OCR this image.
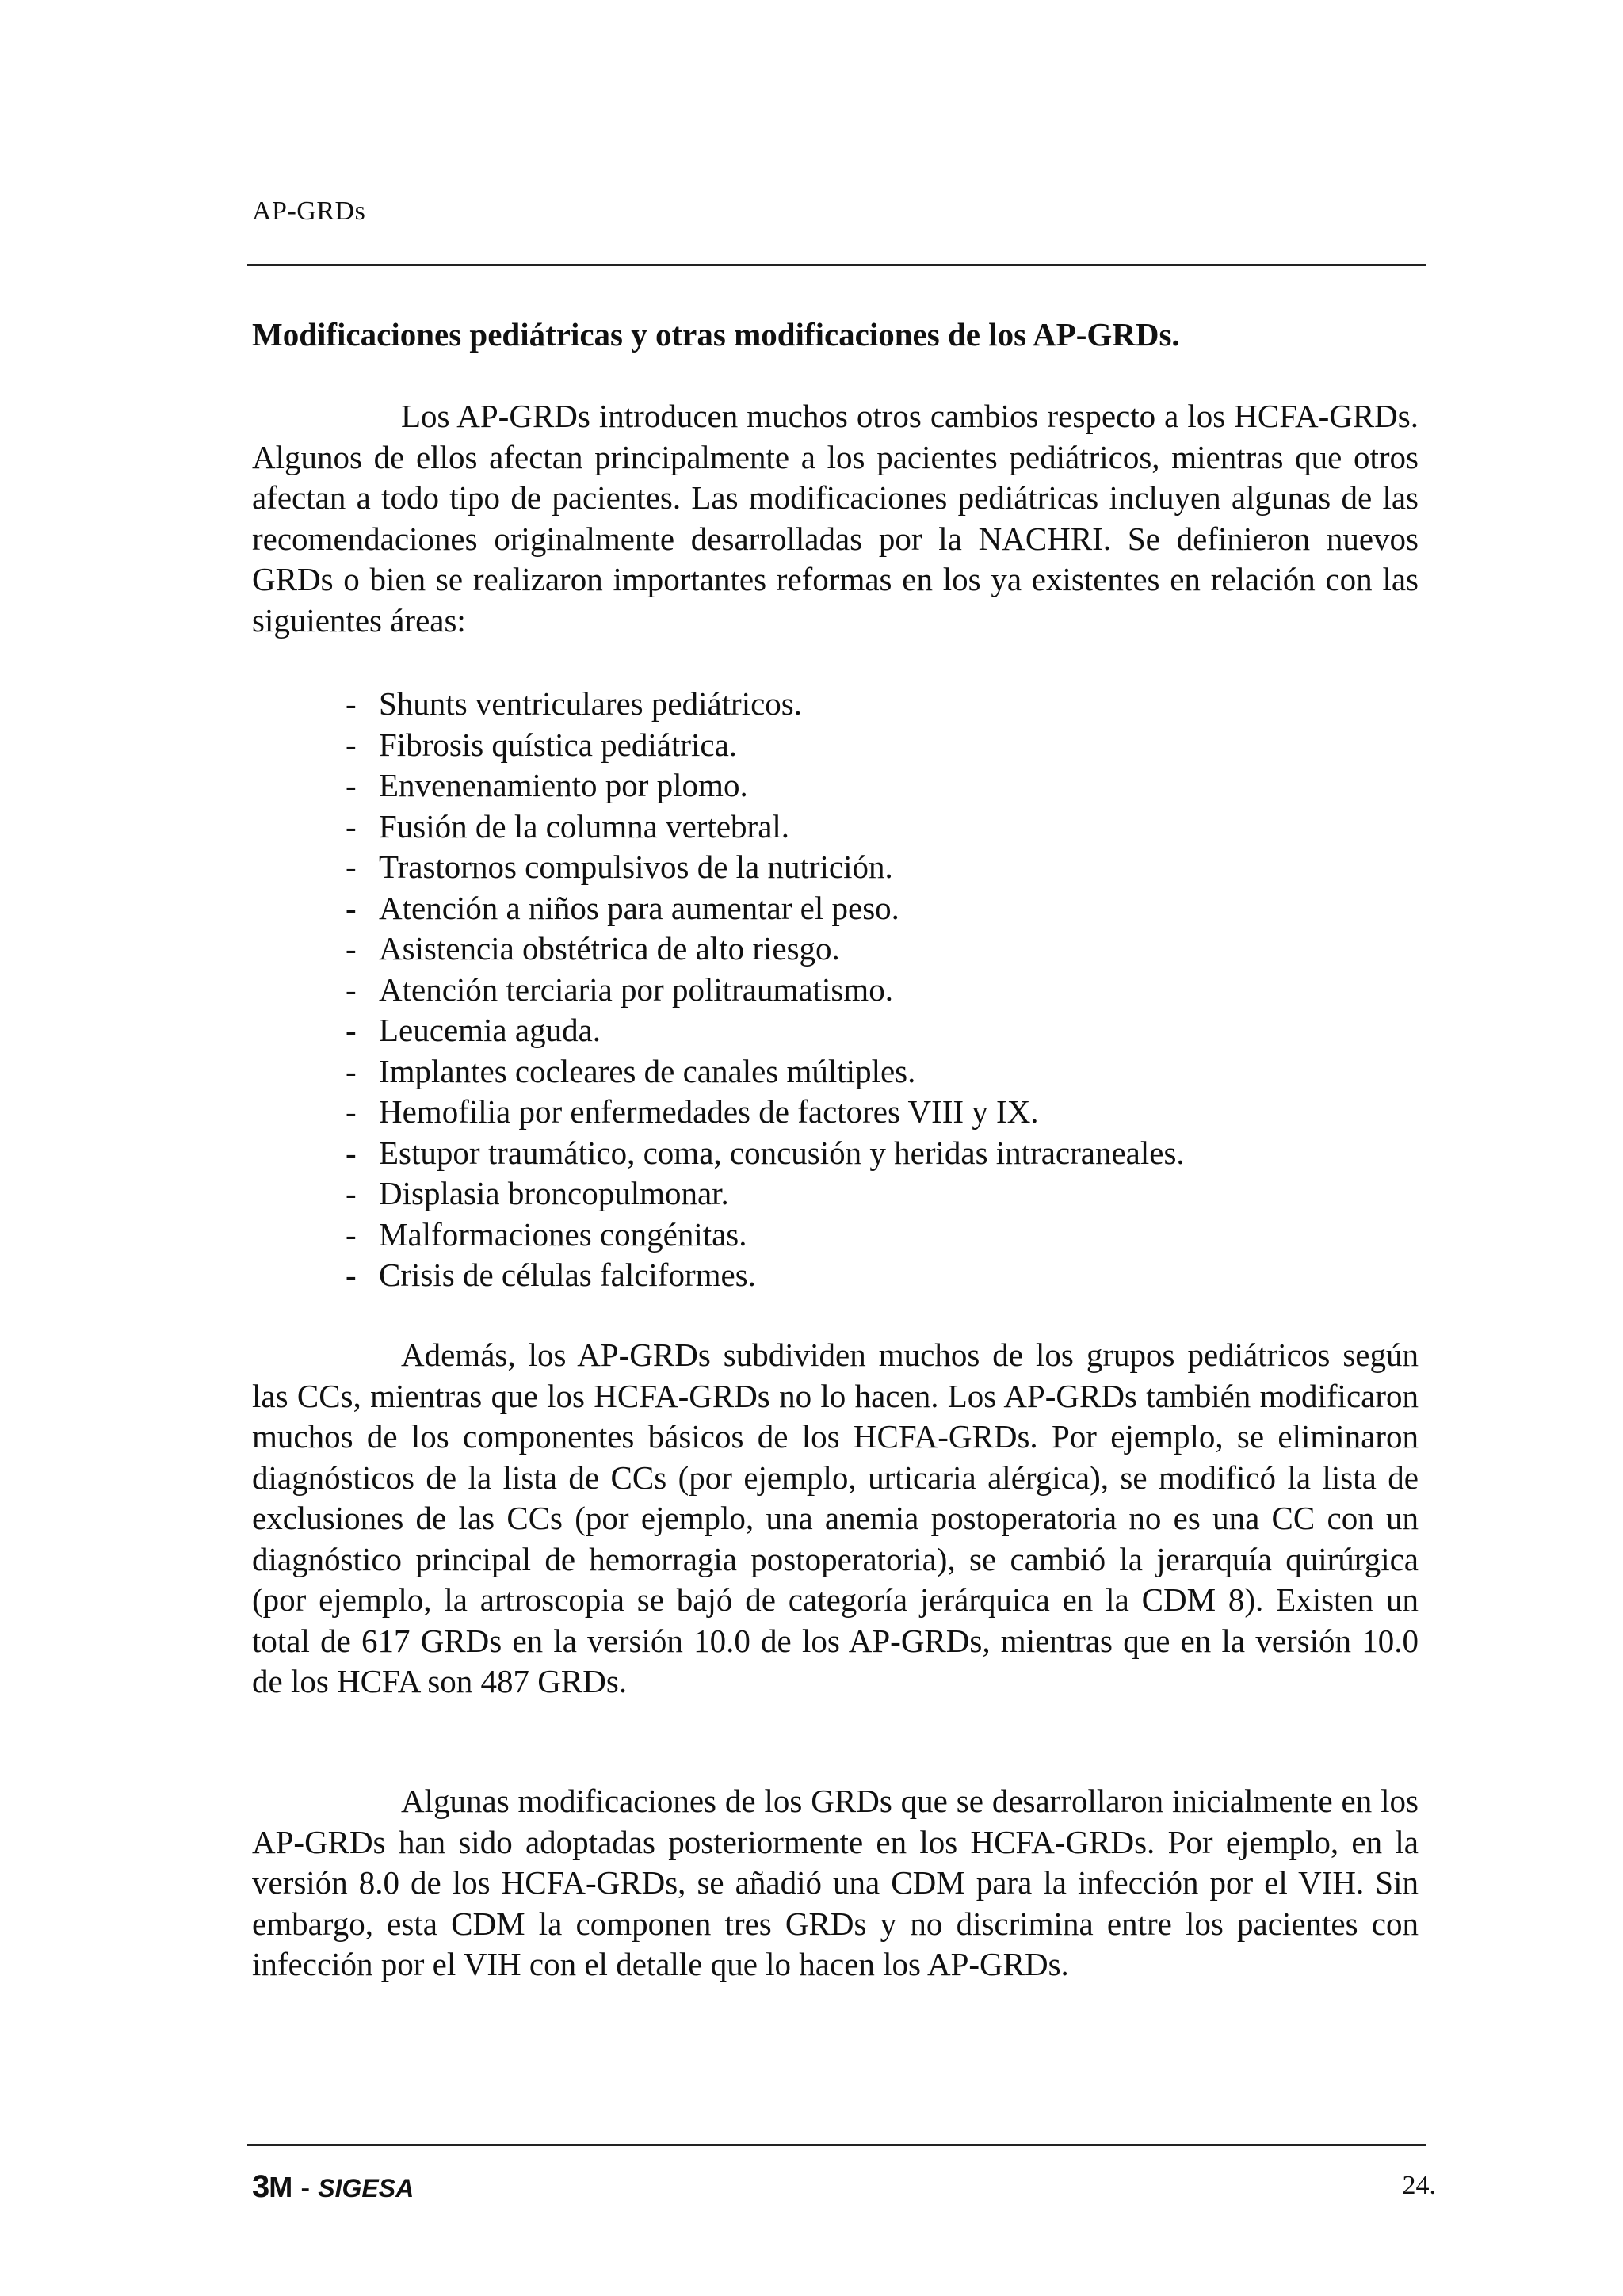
AP-GRDs
Modificaciones pediátricas y otras modificaciones de los AP-GRDs.

Los AP-GRDs introducen muchos otros cambios respecto a los HCFA-GRDs. Algunos de ellos afectan principalmente a los pacientes pediátricos, mientras que otros afectan a todo tipo de pacientes. Las modificaciones pediátricas incluyen algunas de las recomendaciones originalmente desarrolladas por la NACHRI. Se definieron nuevos GRDs o bien se realizaron importantes reformas en los ya existentes en relación con las siguientes áreas:

- Shunts ventriculares pediátricos.
- Fibrosis quística pediátrica.
- Envenenamiento por plomo.
- Fusión de la columna vertebral.
- Trastornos compulsivos de la nutrición.
- Atención a niños para aumentar el peso.
- Asistencia obstétrica de alto riesgo.
- Atención terciaria por politraumatismo.
- Leucemia aguda.
- Implantes cocleares de canales múltiples.
- Hemofilia por enfermedades de factores VIII y IX.
- Estupor traumático, coma, concusión y heridas intracraneales.
- Displasia broncopulmonar.
- Malformaciones congénitas.
- Crisis de células falciformes.

Además, los AP-GRDs subdividen muchos de los grupos pediátricos según las CCs, mientras que los HCFA-GRDs no lo hacen. Los AP-GRDs también modificaron muchos de los componentes básicos de los HCFA-GRDs. Por ejemplo, se eliminaron diagnósticos de la lista de CCs (por ejemplo, urticaria alérgica), se modificó la lista de exclusiones de las CCs (por ejemplo, una anemia postoperatoria no es una CC con un diagnóstico principal de hemorragia postoperatoria), se cambió la jerarquía quirúrgica (por ejemplo, la artroscopia se bajó de categoría jerárquica en la CDM 8). Existen un total de 617 GRDs en la versión 10.0 de los AP-GRDs, mientras que en la versión 10.0 de los HCFA son 487 GRDs.

Algunas modificaciones de los GRDs que se desarrollaron inicialmente en los AP-GRDs han sido adoptadas posteriormente en los HCFA-GRDs. Por ejemplo, en la versión 8.0 de los HCFA-GRDs, se añadió una CDM para la infección por el VIH. Sin embargo, esta CDM la componen tres GRDs y no discrimina entre los pacientes con infección por el VIH con el detalle que lo hacen los AP-GRDs.

3M - SIGESA	24.
